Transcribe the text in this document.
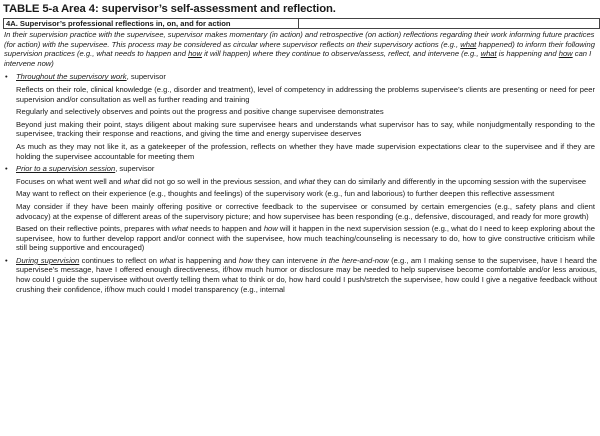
TABLE 5-a Area 4: supervisor’s self-assessment and reflection.
4A. Supervisor’s professional reflections in, on, and for action	
In their supervision practice with the supervisee, supervisor makes momentary (in action) and retrospective (on action) reflections regarding their work informing future practices (for action) with the supervisee. This process may be considered as circular where supervisor reflects on their supervisory actions (e.g., what happened) to inform their following supervision practices (e.g., what needs to happen and how it will happen) where they continue to observe/assess, reflect, and intervene (e.g., what is happening and how can I intervene now)
• Throughout the supervisory work, supervisor
Reflects on their role, clinical knowledge (e.g., disorder and treatment), level of competency in addressing the problems supervisee’s clients are presenting or need for peer supervision and/or consultation as well as further reading and training
Regularly and selectively observes and points out the progress and positive change supervisee demonstrates
Beyond just making their point, stays diligent about making sure supervisee hears and understands what supervisor has to say, while nonjudgmentally responding to the supervisee, tracking their response and reactions, and giving the time and energy supervisee deserves
As much as they may not like it, as a gatekeeper of the profession, reflects on whether they have made supervision expectations clear to the supervisee and if they are holding the supervisee accountable for meeting them
• Prior to a supervision session, supervisor
Focuses on what went well and what did not go so well in the previous session, and what they can do similarly and differently in the upcoming session with the supervisee
May want to reflect on their experience (e.g., thoughts and feelings) of the supervisory work (e.g., fun and laborious) to further deepen this reflective assessment
May consider if they have been mainly offering positive or corrective feedback to the supervisee or consumed by certain emergencies (e.g., safety plans and client advocacy) at the expense of different areas of the supervisory picture; and how supervisee has been responding (e.g., defensive, discouraged, and ready for more growth)
Based on their reflective points, prepares with what needs to happen and how will it happen in the next supervision session (e.g., what do I need to keep exploring about the supervisee, how to further develop rapport and/or connect with the supervisee, how much teaching/counseling is necessary to do, how to give constructive criticism while still being supportive and encouraged)
• During supervision continues to reflect on what is happening and how they can intervene in the here-and-now (e.g., am I making sense to the supervisee, have I heard the supervisee’s message, have I offered enough directiveness, if/how much humor or disclosure may be needed to help supervisee become comfortable and/or less anxious, how could I guide the supervisee without overtly telling them what to think or do, how hard could I push/stretch the supervisee, how could I give a negative feedback without crushing their confidence, if/how much could I model transparency (e.g., internal
